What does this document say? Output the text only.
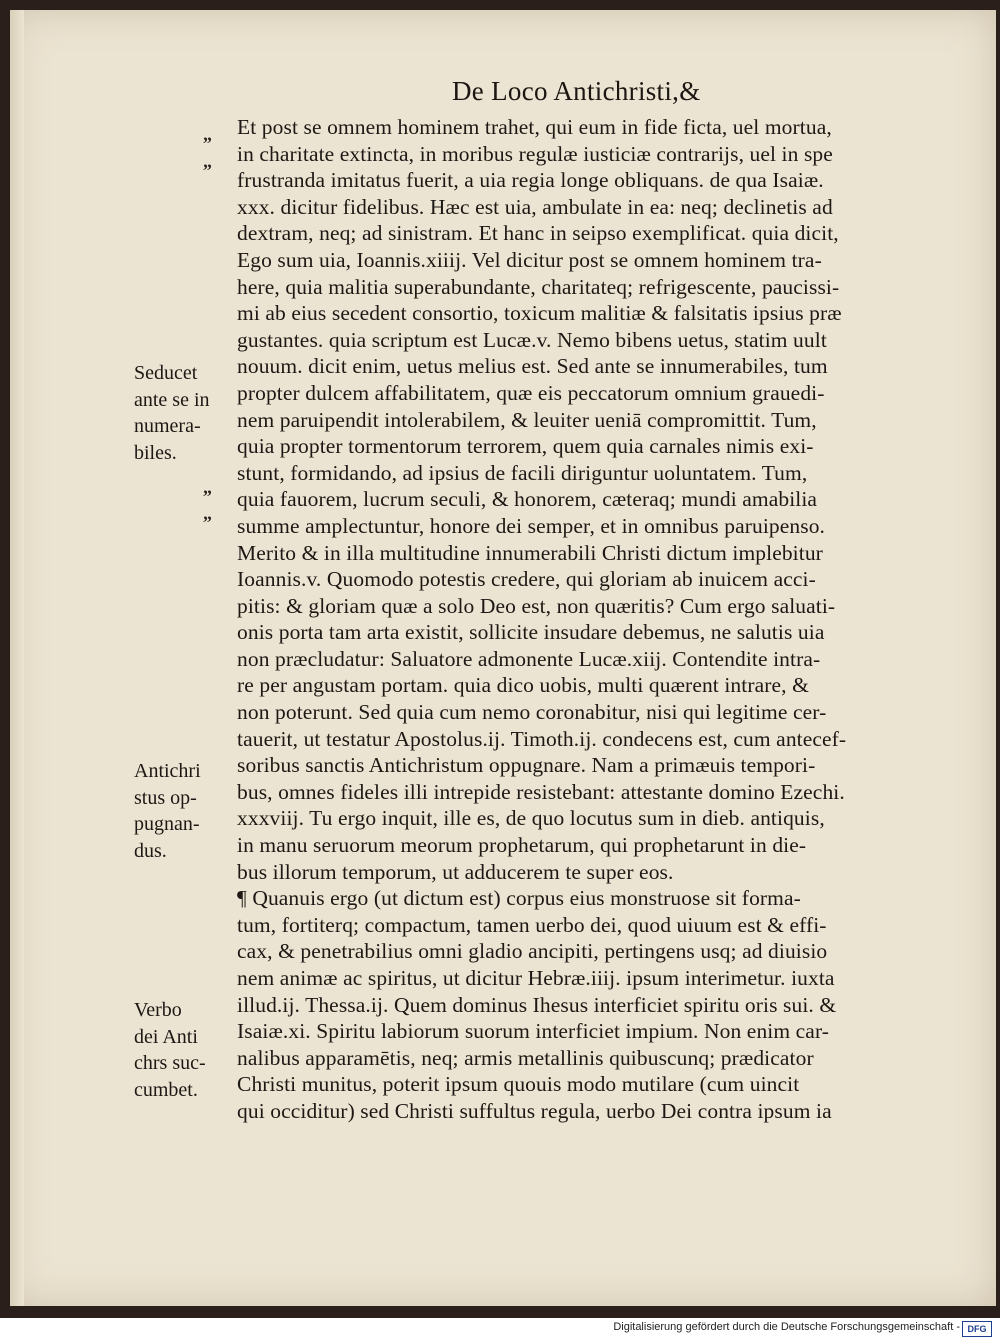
De Loco Antichristi,&
Et post se omnem hominem trahet, qui eum in fide ficta, uel mortua,
in charitate extincta, in moribus regulæ iusticiæ contrarijs, uel in spe
frustranda imitatus fuerit, a uia regia longe obliquans. de qua Isaiæ.
xxx. dicitur fidelibus. Hæc est uia, ambulate in ea: neq; declinetis ad
dextram, neq; ad sinistram. Et hanc in seipso exemplificat. quia dicit,
Ego sum uia, Ioannis.xiiij. Vel dicitur post se omnem hominem tra-
here, quia malitia superabundante, charitateq; refrigescente, paucissi-
mi ab eius secedent consortio, toxicum malitiæ & falsitatis ipsius præ
gustantes. quia scriptum est Lucæ.v. Nemo bibens uetus, statim uult
nouum. dicit enim, uetus melius est. Sed ante se innumerabiles, tum
propter dulcem affabilitatem, quæ eis peccatorum omnium grauedi-
nem paruipendit intolerabilem, & leuiter ueniā compromittit. Tum,
quia propter tormentorum terrorem, quem quia carnales nimis exi-
stunt, formidando, ad ipsius de facili diriguntur uoluntatem. Tum,
quia fauorem, lucrum seculi, & honorem, cæteraq; mundi amabilia
summe amplectuntur, honore dei semper, et in omnibus paruipenso.
Merito & in illa multitudine innumerabili Christi dictum implebitur
Ioannis.v. Quomodo potestis credere, qui gloriam ab inuicem acci-
pitis: & gloriam quæ a solo Deo est, non quæritis? Cum ergo saluati-
onis porta tam arta existit, sollicite insudare debemus, ne salutis uia
non præcludatur: Saluatore admonente Lucæ.xiij. Contendite intra-
re per angustam portam. quia dico uobis, multi quærent intrare, &
non poterunt. Sed quia cum nemo coronabitur, nisi qui legitime cer-
tauerit, ut testatur Apostolus.ij. Timoth.ij. condecens est, cum antecef-
soribus sanctis Antichristum oppugnare. Nam a primæuis tempori-
bus, omnes fideles illi intrepide resistebant: attestante domino Ezechi.
xxxviij. Tu ergo inquit, ille es, de quo locutus sum in dieb. antiquis,
in manu seruorum meorum prophetarum, qui prophetarunt in die-
bus illorum temporum, ut adducerem te super eos.
¶ Quanuis ergo (ut dictum est) corpus eius monstruose sit forma-
tum, fortiterq; compactum, tamen uerbo dei, quod uiuum est & effi-
cax, & penetrabilius omni gladio ancipiti, pertingens usq; ad diuisio
nem animæ ac spiritus, ut dicitur Hebræ.iiij. ipsum interimetur. iuxta
illud.ij. Thessa.ij. Quem dominus Ihesus interficiet spiritu oris sui. &
Isaiæ.xi. Spiritu labiorum suorum interficiet impium. Non enim car-
nalibus apparamētis, neq; armis metallinis quibuscunq; prædicator
Christi munitus, poterit ipsum quouis modo mutilare (cum uincit
qui occiditur) sed Christi suffultus regula, uerbo Dei contra ipsum ia
Seducet
ante se in
numera-
biles.
Antichri
stus op-
pugnan-
dus.
Verbo
dei Anti
chrs suc-
cumbet.
„
„
„
„
Digitalisierung gefördert durch die Deutsche Forschungsgemeinschaft - DFG
